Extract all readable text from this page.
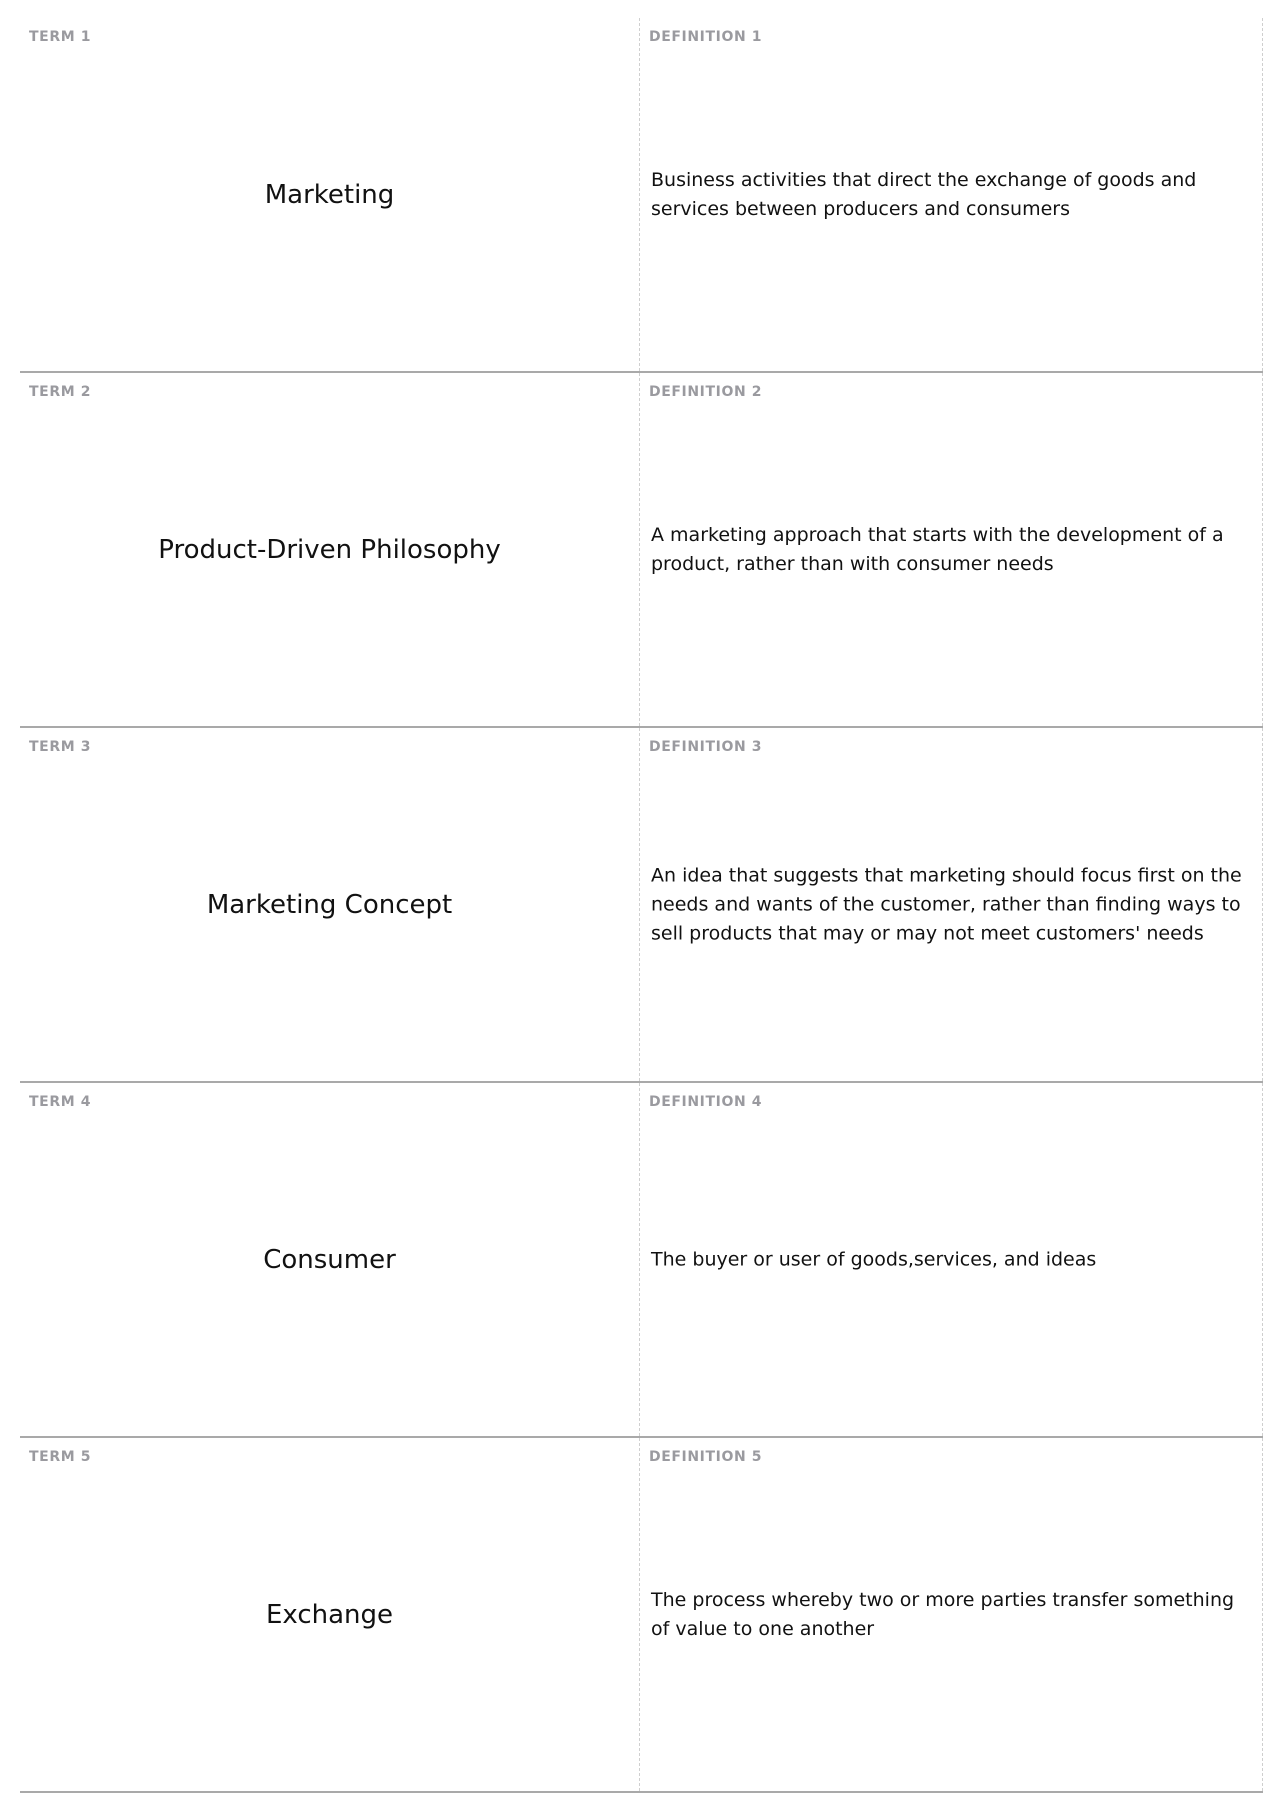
TERM 1
Marketing
DEFINITION 1
Business activities that direct the exchange of goods and services between producers and consumers
TERM 2
Product-Driven Philosophy
DEFINITION 2
A marketing approach that starts with the development of a product, rather than with consumer needs
TERM 3
Marketing Concept
DEFINITION 3
An idea that suggests that marketing should focus first on the needs and wants of the customer, rather than finding ways to sell products that may or may not meet customers' needs
TERM 4
Consumer
DEFINITION 4
The buyer or user of goods,services, and ideas
TERM 5
Exchange
DEFINITION 5
The process whereby two or more parties transfer something of value to one another
